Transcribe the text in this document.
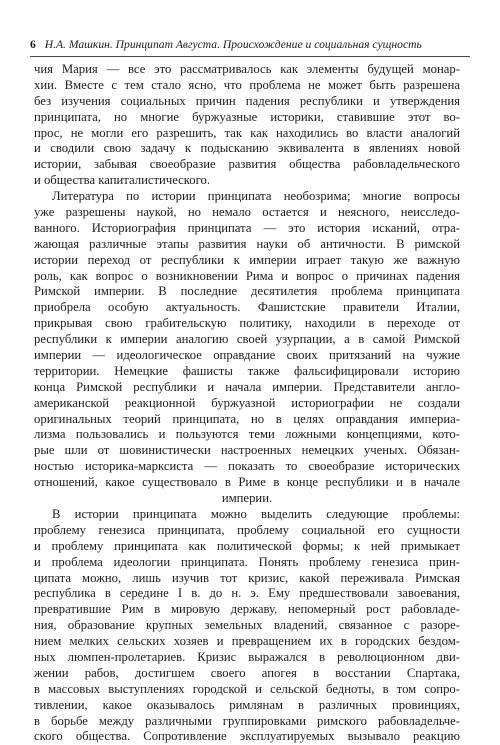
6 Н.А. Машкин. Принципат Августа. Происхождение и социальная сущность
чия Мария — все это рассматривалось как элементы будущей монар-
хии. Вместе с тем стало ясно, что проблема не может быть разрешена
без изучения социальных причин падения республики и утверждения
принципата, но многие буржуазные историки, ставившие этот во-
прос, не могли его разрешить, так как находились во власти аналогий
и сводили свою задачу к подысканию эквивалента в явлениях новой
истории, забывая своеобразие развития общества рабовладельческого
и общества капиталистического.
Литература по истории принципата необозрима; многие вопросы
уже разрешены наукой, но немало остается и неясного, неисследо-
ванного. Историография принципата — это история исканий, отра-
жающая различные этапы развития науки об античности. В римской
истории переход от республики к империи играет такую же важную
роль, как вопрос о возникновении Рима и вопрос о причинах падения
Римской империи. В последние десятилетия проблема принципата
приобрела особую актуальность. Фашистские правители Италии,
прикрывая свою грабительскую политику, находили в переходе от
республики к империи аналогию своей узурпации, а в самой Римской
империи — идеологическое оправдание своих притязаний на чужие
территории. Немецкие фашисты также фальсифицировали историю
конца Римской республики и начала империи. Представители англо-
американской реакционной буржуазной историографии не создали
оригинальных теорий принципата, но в целях оправдания империа-
лизма пользовались и пользуются теми ложными концепциями, кото-
рые шли от шовинистически настроенных немецких ученых. Обязан-
ностью историка-марксиста — показать то своеобразие исторических
отношений, какое существовало в Риме в конце республики и в начале
империи.
В истории принципата можно выделить следующие проблемы:
проблему генезиса принципата, проблему социальной его сущности
и проблему принципата как политической формы; к ней примыкает
и проблема идеологии принципата. Понять проблему генезиса прин-
ципата можно, лишь изучив тот кризис, какой переживала Римская
республика в середине I в. до н. э. Ему предшествовали завоевания,
превратившие Рим в мировую державу, непомерный рост рабовладе-
ния, образование крупных земельных владений, связанное с разоре-
нием мелких сельских хозяев и превращением их в городских бездом-
ных люмпен-пролетариев. Кризис выражался в революционном дви-
жении рабов, достигшем своего апогея в восстании Спартака,
в массовых выступлениях городской и сельской бедноты, в том сопро-
тивлении, какое оказывалось римлянам в различных провинциях,
в борьбе между различными группировками римского рабовладельче-
ского общества. Сопротивление эксплуатируемых вызывало реакцию
